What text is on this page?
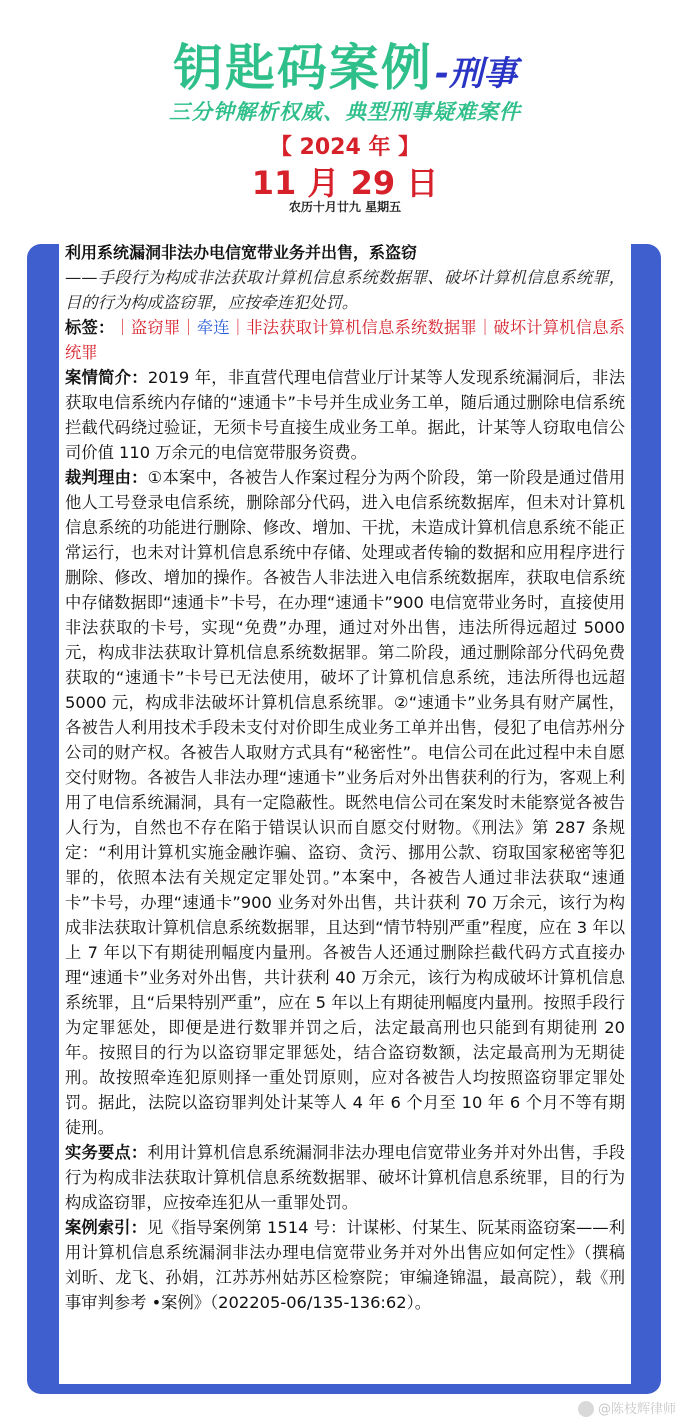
钥匙码案例-刑事
三分钟解析权威、典型刑事疑难案件
【 2024 年 】
11 月 29 日
农历十月廿九 星期五

利用系统漏洞非法办电信宽带业务并出售，系盗窃

——手段行为构成非法获取计算机信息系统数据罪、破坏计算机信息系统罪，目的行为构成盗窃罪，应按牵连犯处罚。

标签：｜盗窃罪｜牵连｜非法获取计算机信息系统数据罪｜破坏计算机信息系统罪

案情简介：2019 年，非直营代理电信营业厅计某等人发现系统漏洞后，非法获取电信系统内存储的“速通卡”卡号并生成业务工单，随后通过删除电信系统拦截代码绕过验证，无须卡号直接生成业务工单。据此，计某等人窃取电信公司价值 110 万余元的电信宽带服务资费。

裁判理由：①本案中，各被告人作案过程分为两个阶段，第一阶段是通过借用他人工号登录电信系统，删除部分代码，进入电信系统数据库，但未对计算机信息系统的功能进行删除、修改、增加、干扰，未造成计算机信息系统不能正常运行，也未对计算机信息系统中存储、处理或者传输的数据和应用程序进行删除、修改、增加的操作。各被告人非法进入电信系统数据库，获取电信系统中存储数据即“速通卡”卡号，在办理“速通卡”900 电信宽带业务时，直接使用非法获取的卡号，实现“免费”办理，通过对外出售，违法所得远超过 5000 元，构成非法获取计算机信息系统数据罪。第二阶段，通过删除部分代码免费获取的“速通卡”卡号已无法使用，破坏了计算机信息系统，违法所得也远超 5000 元，构成非法破坏计算机信息系统罪。②“速通卡”业务具有财产属性，各被告人利用技术手段未支付对价即生成业务工单并出售，侵犯了电信苏州分公司的财产权。各被告人取财方式具有“秘密性”。电信公司在此过程中未自愿交付财物。各被告人非法办理“速通卡”业务后对外出售获利的行为，客观上利用了电信系统漏洞，具有一定隐蔽性。既然电信公司在案发时未能察觉各被告人行为，自然也不存在陷于错误认识而自愿交付财物。《刑法》第 287 条规定：“利用计算机实施金融诈骗、盗窃、贪污、挪用公款、窃取国家秘密等犯罪的，依照本法有关规定定罪处罚。”本案中，各被告人通过非法获取“速通卡”卡号，办理“速通卡”900 业务对外出售，共计获利 70 万余元，该行为构成非法获取计算机信息系统数据罪，且达到“情节特别严重”程度，应在 3 年以上 7 年以下有期徒刑幅度内量刑。各被告人还通过删除拦截代码方式直接办理“速通卡”业务对外出售，共计获利 40 万余元，该行为构成破坏计算机信息系统罪，且“后果特别严重”，应在 5 年以上有期徒刑幅度内量刑。按照手段行为定罪惩处，即便是进行数罪并罚之后，法定最高刑也只能到有期徒刑 20 年。按照目的行为以盗窃罪定罪惩处，结合盗窃数额，法定最高刑为无期徒刑。故按照牵连犯原则择一重处罚原则，应对各被告人均按照盗窃罪定罪处罚。据此，法院以盗窃罪判处计某等人 4 年 6 个月至 10 年 6 个月不等有期徒刑。

实务要点：利用计算机信息系统漏洞非法办理电信宽带业务并对外出售，手段行为构成非法获取计算机信息系统数据罪、破坏计算机信息系统罪，目的行为构成盗窃罪，应按牵连犯从一重罪处罚。

案例索引：见《指导案例第 1514 号：计谋彬、付某生、阮某雨盗窃案——利用计算机信息系统漏洞非法办理电信宽带业务并对外出售应如何定性》（撰稿刘昕、龙飞、孙娟，江苏苏州姑苏区检察院；审编逄锦温，最高院），载《刑事审判参考 •案例》（202205-06/135-136:62）。

@陈枝辉律师
